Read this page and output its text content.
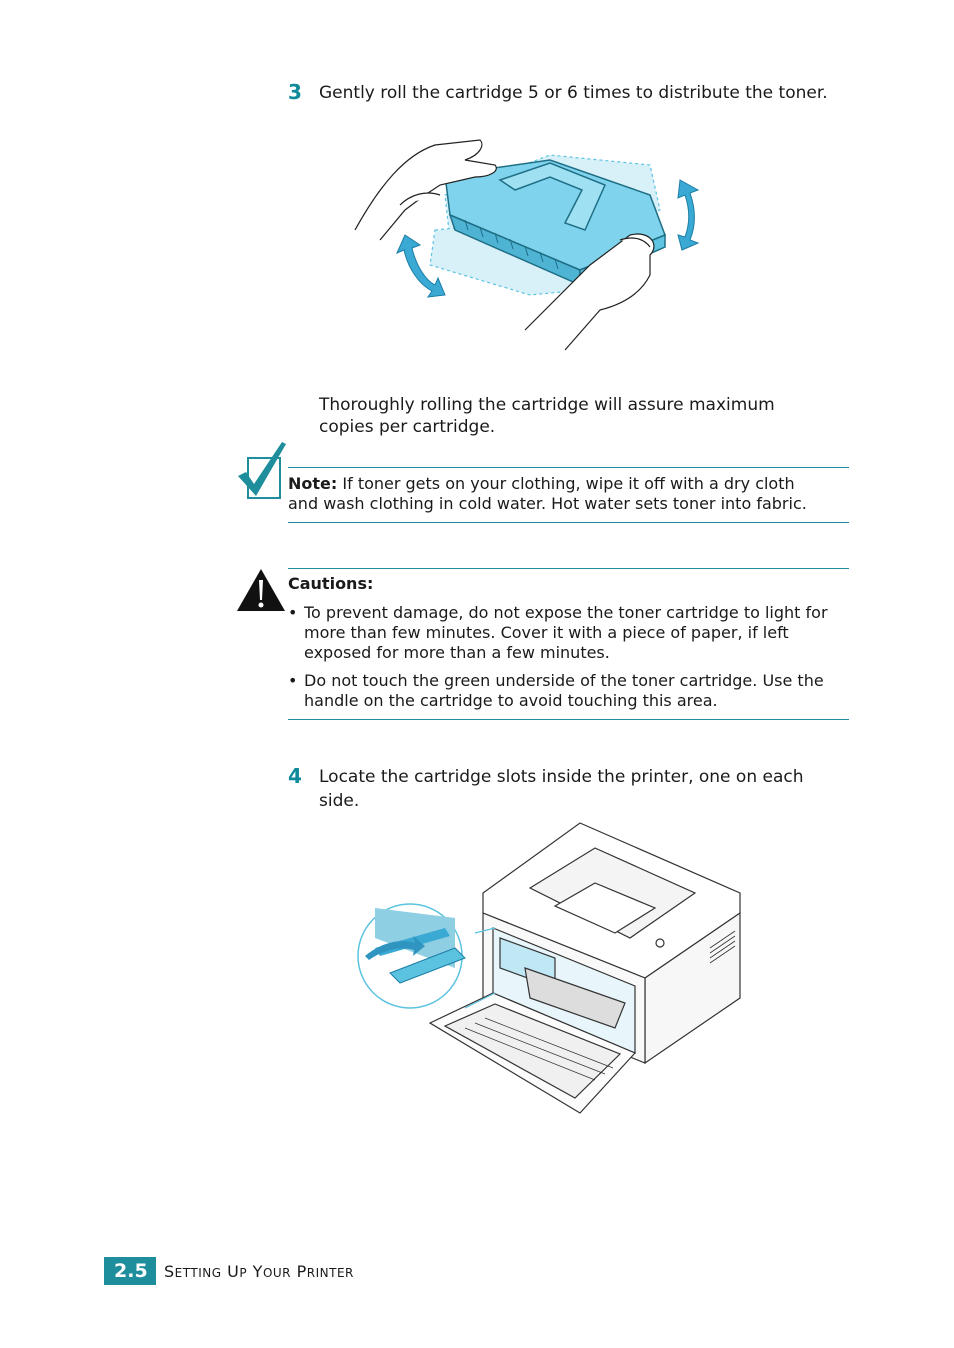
3 Gently roll the cartridge 5 or 6 times to distribute the toner.
Thoroughly rolling the cartridge will assure maximum
copies per cartridge.
Note: If toner gets on your clothing, wipe it off with a dry cloth
and wash clothing in cold water. Hot water sets toner into fabric.
Cautions:
• To prevent damage, do not expose the toner cartridge to light for
more than few minutes. Cover it with a piece of paper, if left
exposed for more than a few minutes.
• Do not touch the green underside of the toner cartridge. Use the
handle on the cartridge to avoid touching this area.
4 Locate the cartridge slots inside the printer, one on each
side.
2.5	SETTING UP YOUR PRINTER
